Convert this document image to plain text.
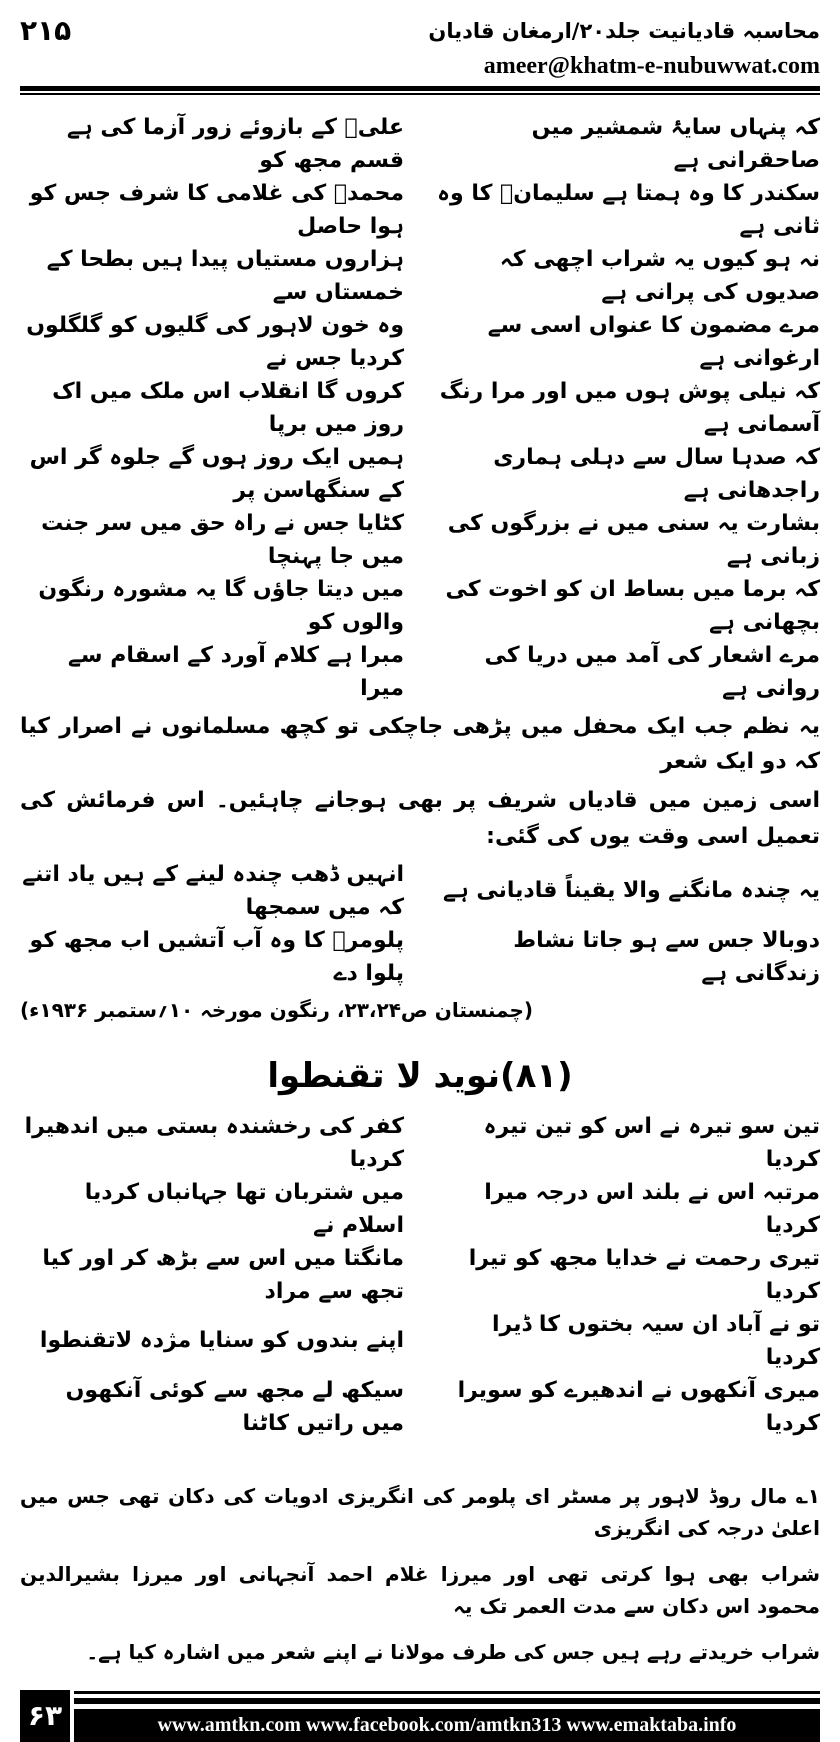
محاسبہ قادیانیت جلد۲۰/ارمغان قادیان
۲۱۵
ameer@khatm-e-nubuwwat.com
علیؓ کے بازوئے زور آزما کی ہے قسم مجھ کو
کہ پنہاں سایۂ شمشیر میں صاحقرانی ہے
محمدؐ کی غلامی کا شرف جس کو ہوا حاصل
سکندر کا وہ ہمتا ہے سلیمانؑ کا وہ ثانی ہے
ہزاروں مستیاں پیدا ہیں بطحا کے خمستاں سے
نہ ہو کیوں یہ شراب اچھی کہ صدیوں کی پرانی ہے
وہ خون لاہور کی گلیوں کو گلگلوں کردیا جس نے
مرے مضمون کا عنواں اسی سے ارغوانی ہے
کروں گا انقلاب اس ملک میں اک روز میں برپا
کہ نیلی پوش ہوں میں اور مرا رنگ آسمانی ہے
ہمیں ایک روز ہوں گے جلوہ گر اس کے سنگھاسن پر
کہ صدہا سال سے دہلی ہماری راجدھانی ہے
کٹایا جس نے راہ حق میں سر جنت میں جا پہنچا
بشارت یہ سنی میں نے بزرگوں کی زبانی ہے
میں دیتا جاؤں گا یہ مشورہ رنگون والوں کو
کہ برما میں بساط ان کو اخوت کی بچھانی ہے
مبرا ہے کلام آورد کے اسقام سے میرا
مرے اشعار کی آمد میں دریا کی روانی ہے
یہ نظم جب ایک محفل میں پڑھی جاچکی تو کچھ مسلمانوں نے اصرار کیا کہ دو ایک شعر
اسی زمین میں قادیاں شریف پر بھی ہوجانے چاہئیں۔ اس فرمائش کی تعمیل اسی وقت یوں کی گئی:
انہیں ڈھب چندہ لینے کے ہیں یاد اتنے کہ میں سمجھا
یہ چندہ مانگنے والا یقیناً قادیانی ہے
پلومرؔ کا وہ آب آتشیں اب مجھ کو پلوا دے
دوبالا جس سے ہو جاتا نشاط زندگانی ہے
(چمنستان ص۲۳،۲۴، رنگون مورخہ ۱۰؍ستمبر ۱۹۳۶ء)
(۸۱)نوید لا تقنطوا
کفر کی رخشندہ بستی میں اندھیرا کردیا
تین سو تیرہ نے اس کو تین تیرہ کردیا
میں شتربان تھا جہانباں کردیا اسلام نے
مرتبہ اس نے بلند اس درجہ میرا کردیا
مانگتا میں اس سے بڑھ کر اور کیا تجھ سے مراد
تیری رحمت نے خدایا مجھ کو تیرا کردیا
اپنے بندوں کو سنایا مژدہ لاتقنطوا
تو نے آباد ان سیہ بختوں کا ڈیرا کردیا
سیکھ لے مجھ سے کوئی آنکھوں میں راتیں کاٹنا
میری آنکھوں نے اندھیرے کو سویرا کردیا
۱؎ مال روڈ لاہور پر مسٹر ای پلومر کی انگریزی ادویات کی دکان تھی جس میں اعلیٰ درجہ کی انگریزی
شراب بھی ہوا کرتی تھی اور میرزا غلام احمد آنجہانی اور میرزا بشیرالدین محمود اس دکان سے مدت العمر تک یہ
شراب خریدتے رہے ہیں جس کی طرف مولانا نے اپنے شعر میں اشارہ کیا ہے۔
۶۳	www.amtkn.com www.facebook.com/amtkn313 www.emaktaba.info
